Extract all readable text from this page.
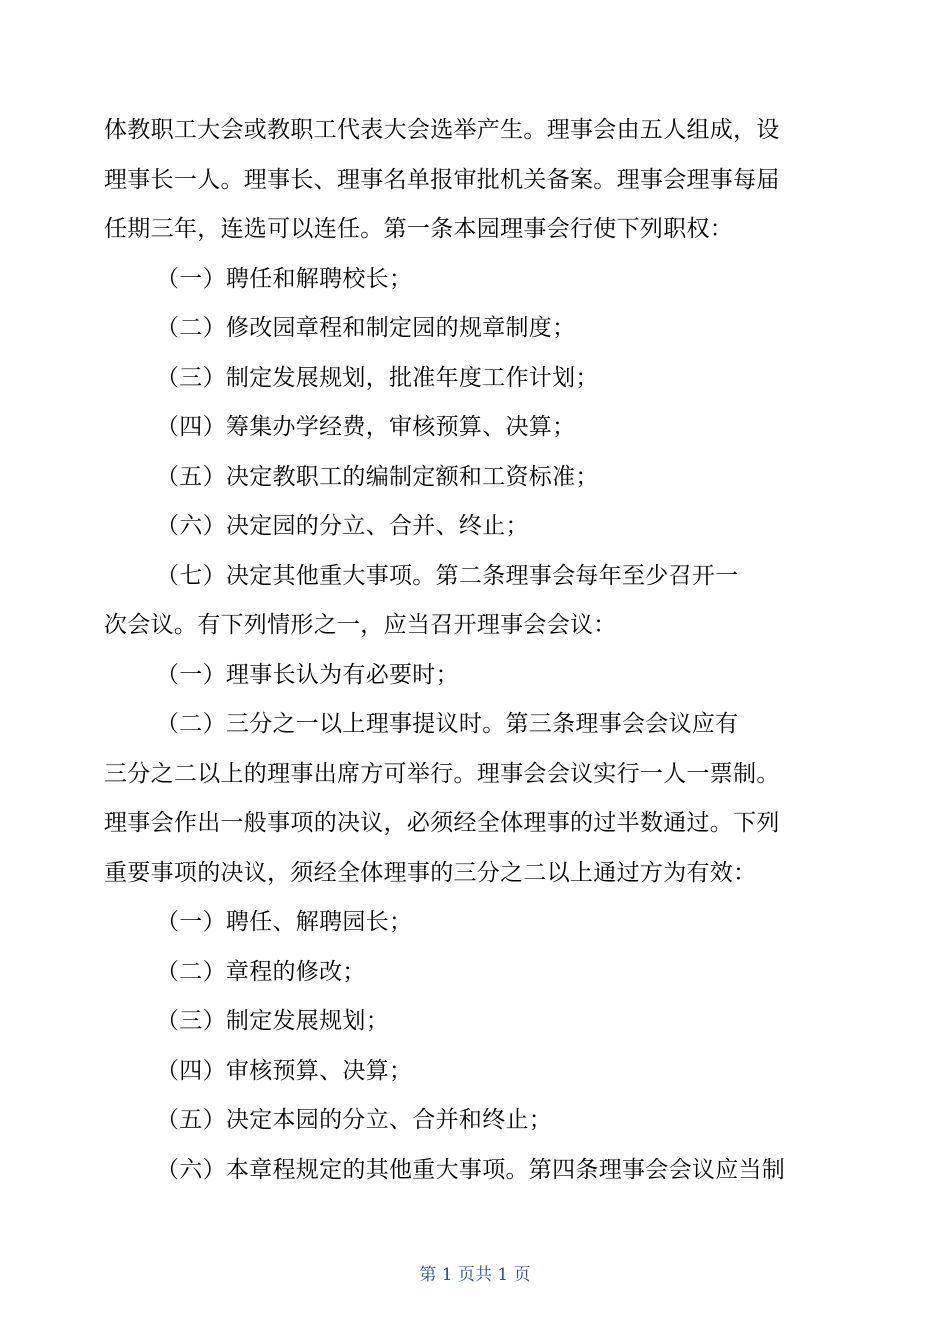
体教职工大会或教职工代表大会选举产生。理事会由五人组成，设
理事长一人。理事长、理事名单报审批机关备案。理事会理事每届
任期三年，连选可以连任。第一条本园理事会行使下列职权：
（一）聘任和解聘校长；
（二）修改园章程和制定园的规章制度；
（三）制定发展规划，批准年度工作计划；
（四）筹集办学经费，审核预算、决算；
（五）决定教职工的编制定额和工资标准；
（六）决定园的分立、合并、终止；
（七）决定其他重大事项。第二条理事会每年至少召开一
次会议。有下列情形之一，应当召开理事会会议：
（一）理事长认为有必要时；
（二）三分之一以上理事提议时。第三条理事会会议应有
三分之二以上的理事出席方可举行。理事会会议实行一人一票制。
理事会作出一般事项的决议，必须经全体理事的过半数通过。下列
重要事项的决议，须经全体理事的三分之二以上通过方为有效：
（一）聘任、解聘园长；
（二）章程的修改；
（三）制定发展规划；
（四）审核预算、决算；
（五）决定本园的分立、合并和终止；
（六）本章程规定的其他重大事项。第四条理事会会议应当制
第 1 页共 1 页
